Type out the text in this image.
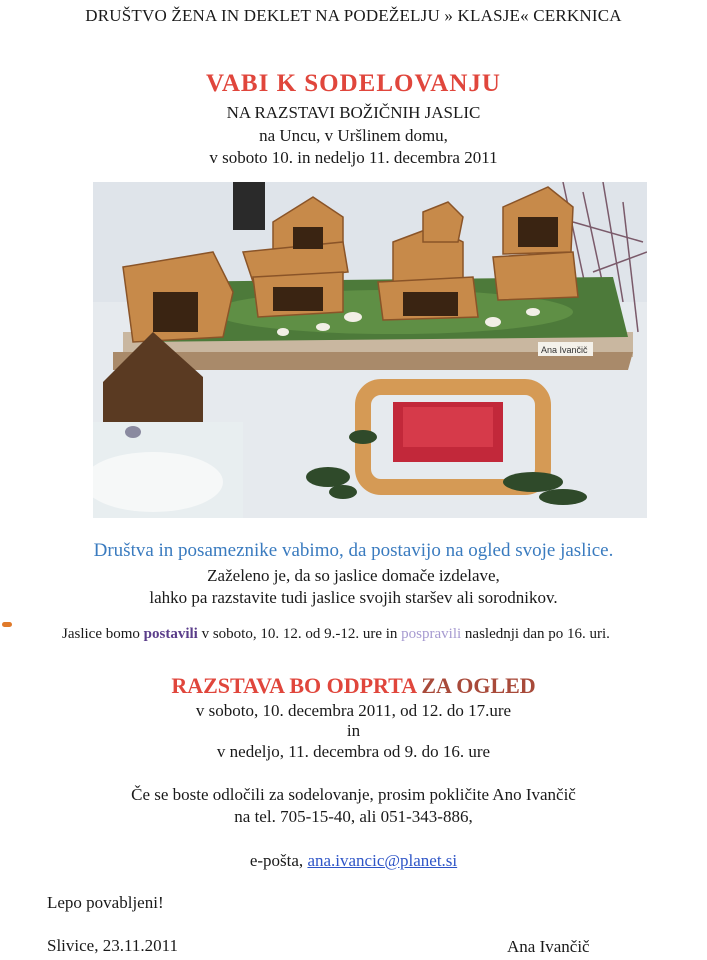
DRUŠTVO ŽENA IN DEKLET NA PODEŽELJU » KLASJE« CERKNICA
VABI K SODELOVANJU
NA RAZSTAVI BOŽIČNIH JASLIC
na Uncu, v Uršlinem domu,
v soboto 10. in nedeljo 11. decembra 2011
Ana Ivančič
Društva in posameznike vabimo, da postavijo na ogled svoje jaslice.
Zaželeno je, da so jaslice domače izdelave,
lahko pa razstavite tudi jaslice svojih staršev ali sorodnikov.
Jaslice bomo postavili v soboto, 10. 12. od 9.-12. ure in pospravili naslednji dan po 16. uri.
RAZSTAVA BO ODPRTA ZA OGLED
v soboto, 10. decembra 2011, od 12. do 17.ure
in
v nedeljo, 11. decembra od 9. do 16. ure
Če se boste odločili za sodelovanje, prosim pokličite Ano Ivančič
na tel. 705-15-40, ali 051-343-886,
e-pošta, ana.ivancic@planet.si
Lepo povabljeni!
Slivice, 23.11.2011	Ana Ivančič
